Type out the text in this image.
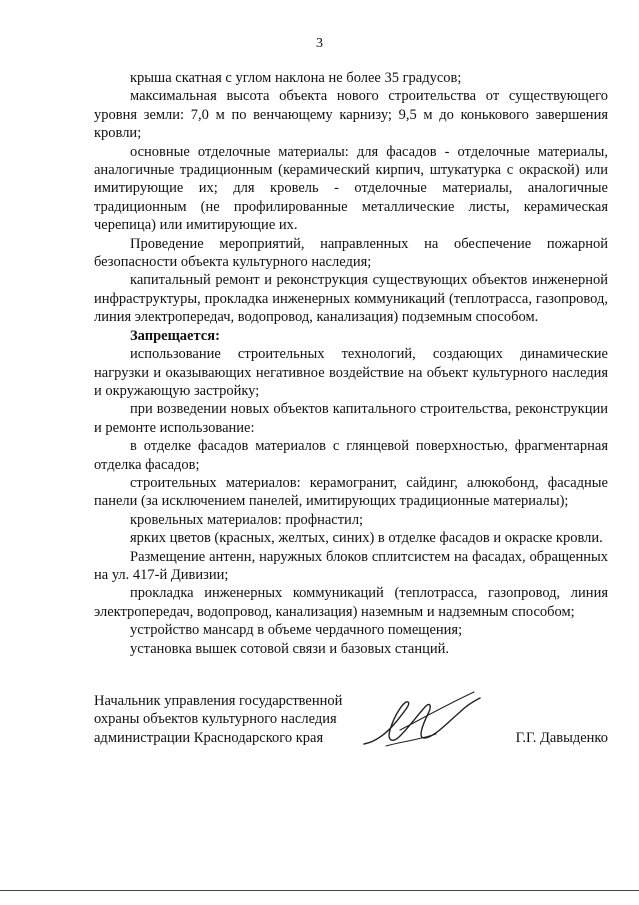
3

крыша скатная с углом наклона не более 35 градусов;

максимальная высота объекта нового строительства от существующего уровня земли: 7,0 м по венчающему карнизу; 9,5 м до конькового завершения кровли;

основные отделочные материалы: для фасадов - отделочные материалы, аналогичные традиционным (керамический кирпич, штукатурка с окраской) или имитирующие их; для кровель - отделочные материалы, аналогичные традиционным (не профилированные металлические листы, керамическая черепица) или имитирующие их.

Проведение мероприятий, направленных на обеспечение пожарной безопасности объекта культурного наследия;

капитальный ремонт и реконструкция существующих объектов инженерной инфраструктуры, прокладка инженерных коммуникаций (теплотрасса, газопровод, линия электропередач, водопровод, канализация) подземным способом.

Запрещается:

использование строительных технологий, создающих динамические нагрузки и оказывающих негативное воздействие на объект культурного наследия и окружающую застройку;

при возведении новых объектов капитального строительства, реконструкции и ремонте использование:

в отделке фасадов материалов с глянцевой поверхностью, фрагментарная отделка фасадов;

строительных материалов: керамогранит, сайдинг, алюкобонд, фасадные панели (за исключением панелей, имитирующих традиционные материалы);

кровельных материалов: профнастил;

ярких цветов (красных, желтых, синих) в отделке фасадов и окраске кровли.

Размещение антенн, наружных блоков сплитсистем на фасадах, обращенных на ул. 417-й Дивизии;

прокладка инженерных коммуникаций (теплотрасса, газопровод, линия электропередач, водопровод, канализация) наземным и надземным способом;

устройство мансард в объеме чердачного помещения;

установка вышек сотовой связи и базовых станций.

Начальник управления государственной
охраны объектов культурного наследия
администрации Краснодарского края	Г.Г. Давыденко
